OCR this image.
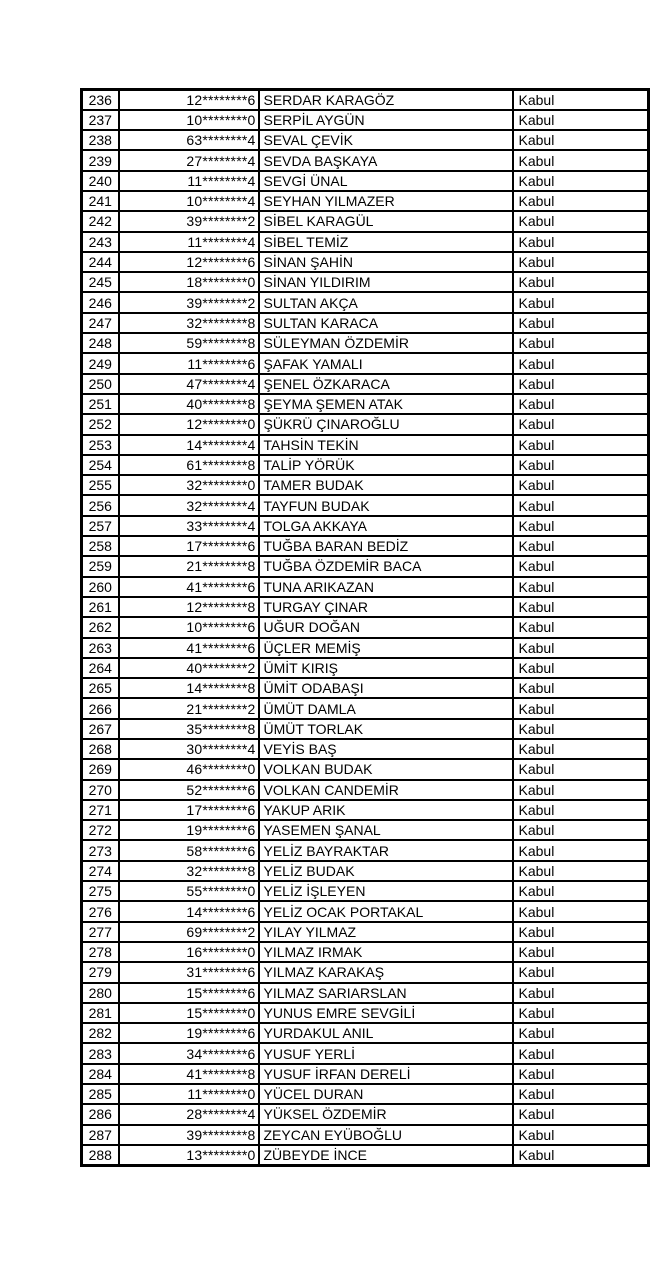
236	12********6	SERDAR KARAGÖZ	Kabul
237	10********0	SERPİL AYGÜN	Kabul
238	63********4	SEVAL ÇEVİK	Kabul
239	27********4	SEVDA BAŞKAYA	Kabul
240	11********4	SEVGİ ÜNAL	Kabul
241	10********4	SEYHAN YILMAZER	Kabul
242	39********2	SİBEL KARAGÜL	Kabul
243	11********4	SİBEL TEMİZ	Kabul
244	12********6	SİNAN ŞAHİN	Kabul
245	18********0	SİNAN YILDIRIM	Kabul
246	39********2	SULTAN AKÇA	Kabul
247	32********8	SULTAN KARACA	Kabul
248	59********8	SÜLEYMAN ÖZDEMİR	Kabul
249	11********6	ŞAFAK YAMALI	Kabul
250	47********4	ŞENEL ÖZKARACA	Kabul
251	40********8	ŞEYMA ŞEMEN ATAK	Kabul
252	12********0	ŞÜKRÜ ÇINAROĞLU	Kabul
253	14********4	TAHSİN TEKİN	Kabul
254	61********8	TALİP YÖRÜK	Kabul
255	32********0	TAMER BUDAK	Kabul
256	32********4	TAYFUN BUDAK	Kabul
257	33********4	TOLGA AKKAYA	Kabul
258	17********6	TUĞBA BARAN BEDİZ	Kabul
259	21********8	TUĞBA ÖZDEMİR BACA	Kabul
260	41********6	TUNA ARIKAZAN	Kabul
261	12********8	TURGAY ÇINAR	Kabul
262	10********6	UĞUR DOĞAN	Kabul
263	41********6	ÜÇLER MEMİŞ	Kabul
264	40********2	ÜMİT KIRIŞ	Kabul
265	14********8	ÜMİT ODABAŞI	Kabul
266	21********2	ÜMÜT DAMLA	Kabul
267	35********8	ÜMÜT TORLAK	Kabul
268	30********4	VEYİS BAŞ	Kabul
269	46********0	VOLKAN BUDAK	Kabul
270	52********6	VOLKAN CANDEMİR	Kabul
271	17********6	YAKUP ARIK	Kabul
272	19********6	YASEMEN ŞANAL	Kabul
273	58********6	YELİZ BAYRAKTAR	Kabul
274	32********8	YELİZ BUDAK	Kabul
275	55********0	YELİZ İŞLEYEN	Kabul
276	14********6	YELİZ OCAK PORTAKAL	Kabul
277	69********2	YILAY YILMAZ	Kabul
278	16********0	YILMAZ IRMAK	Kabul
279	31********6	YILMAZ KARAKAŞ	Kabul
280	15********6	YILMAZ SARIARSLAN	Kabul
281	15********0	YUNUS EMRE SEVGİLİ	Kabul
282	19********6	YURDAKUL ANIL	Kabul
283	34********6	YUSUF YERLİ	Kabul
284	41********8	YUSUF İRFAN DERELİ	Kabul
285	11********0	YÜCEL DURAN	Kabul
286	28********4	YÜKSEL ÖZDEMİR	Kabul
287	39********8	ZEYCAN EYÜBOĞLU	Kabul
288	13********0	ZÜBEYDE İNCE	Kabul
